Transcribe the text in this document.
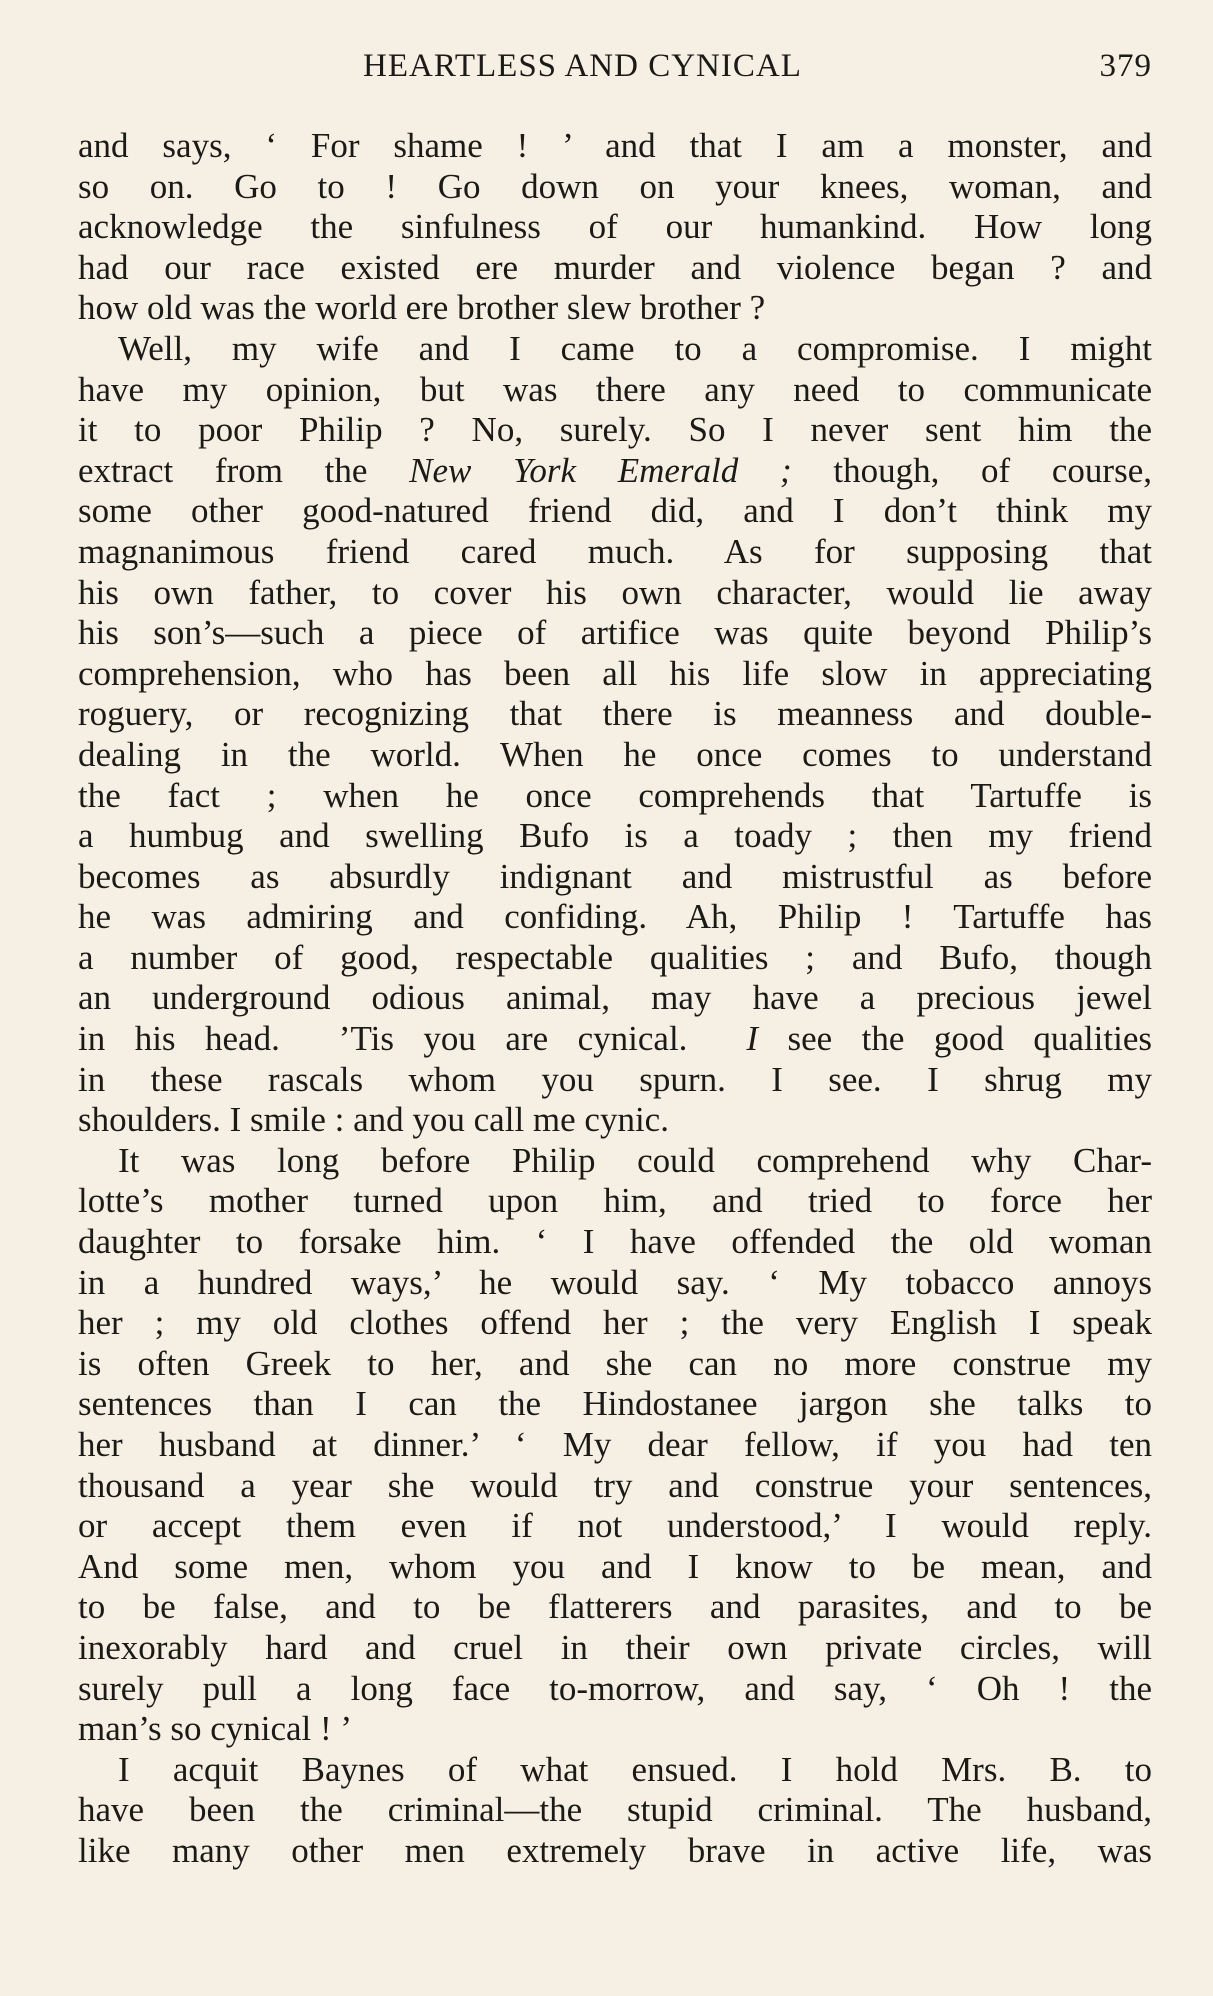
HEARTLESS AND CYNICAL	379
and says, ‘ For shame ! ’ and that I am a monster, and
so on. Go to ! Go down on your knees, woman, and
acknowledge the sinfulness of our humankind. How long
had our race existed ere murder and violence began ? and
how old was the world ere brother slew brother ?
Well, my wife and I came to a compromise. I might
have my opinion, but was there any need to communicate
it to poor Philip ? No, surely. So I never sent him the
extract from the New York Emerald ; though, of course,
some other good-natured friend did, and I don’t think my
magnanimous friend cared much. As for supposing that
his own father, to cover his own character, would lie away
his son’s—such a piece of artifice was quite beyond Philip’s
comprehension, who has been all his life slow in appreciating
roguery, or recognizing that there is meanness and double-
dealing in the world. When he once comes to understand
the fact ; when he once comprehends that Tartuffe is
a humbug and swelling Bufo is a toady ; then my friend
becomes as absurdly indignant and mistrustful as before
he was admiring and confiding. Ah, Philip ! Tartuffe has
a number of good, respectable qualities ; and Bufo, though
an underground odious animal, may have a precious jewel
in his head.  ’Tis you are cynical.  I see the good qualities
in these rascals whom you spurn. I see. I shrug my
shoulders. I smile : and you call me cynic.
It was long before Philip could comprehend why Char-
lotte’s mother turned upon him, and tried to force her
daughter to forsake him. ‘ I have offended the old woman
in a hundred ways,’ he would say. ‘ My tobacco annoys
her ; my old clothes offend her ; the very English I speak
is often Greek to her, and she can no more construe my
sentences than I can the Hindostanee jargon she talks to
her husband at dinner.’ ‘ My dear fellow, if you had ten
thousand a year she would try and construe your sentences,
or accept them even if not understood,’ I would reply.
And some men, whom you and I know to be mean, and
to be false, and to be flatterers and parasites, and to be
inexorably hard and cruel in their own private circles, will
surely pull a long face to-morrow, and say, ‘ Oh ! the
man’s so cynical ! ’
I acquit Baynes of what ensued. I hold Mrs. B. to
have been the criminal—the stupid criminal. The husband,
like many other men extremely brave in active life, was
